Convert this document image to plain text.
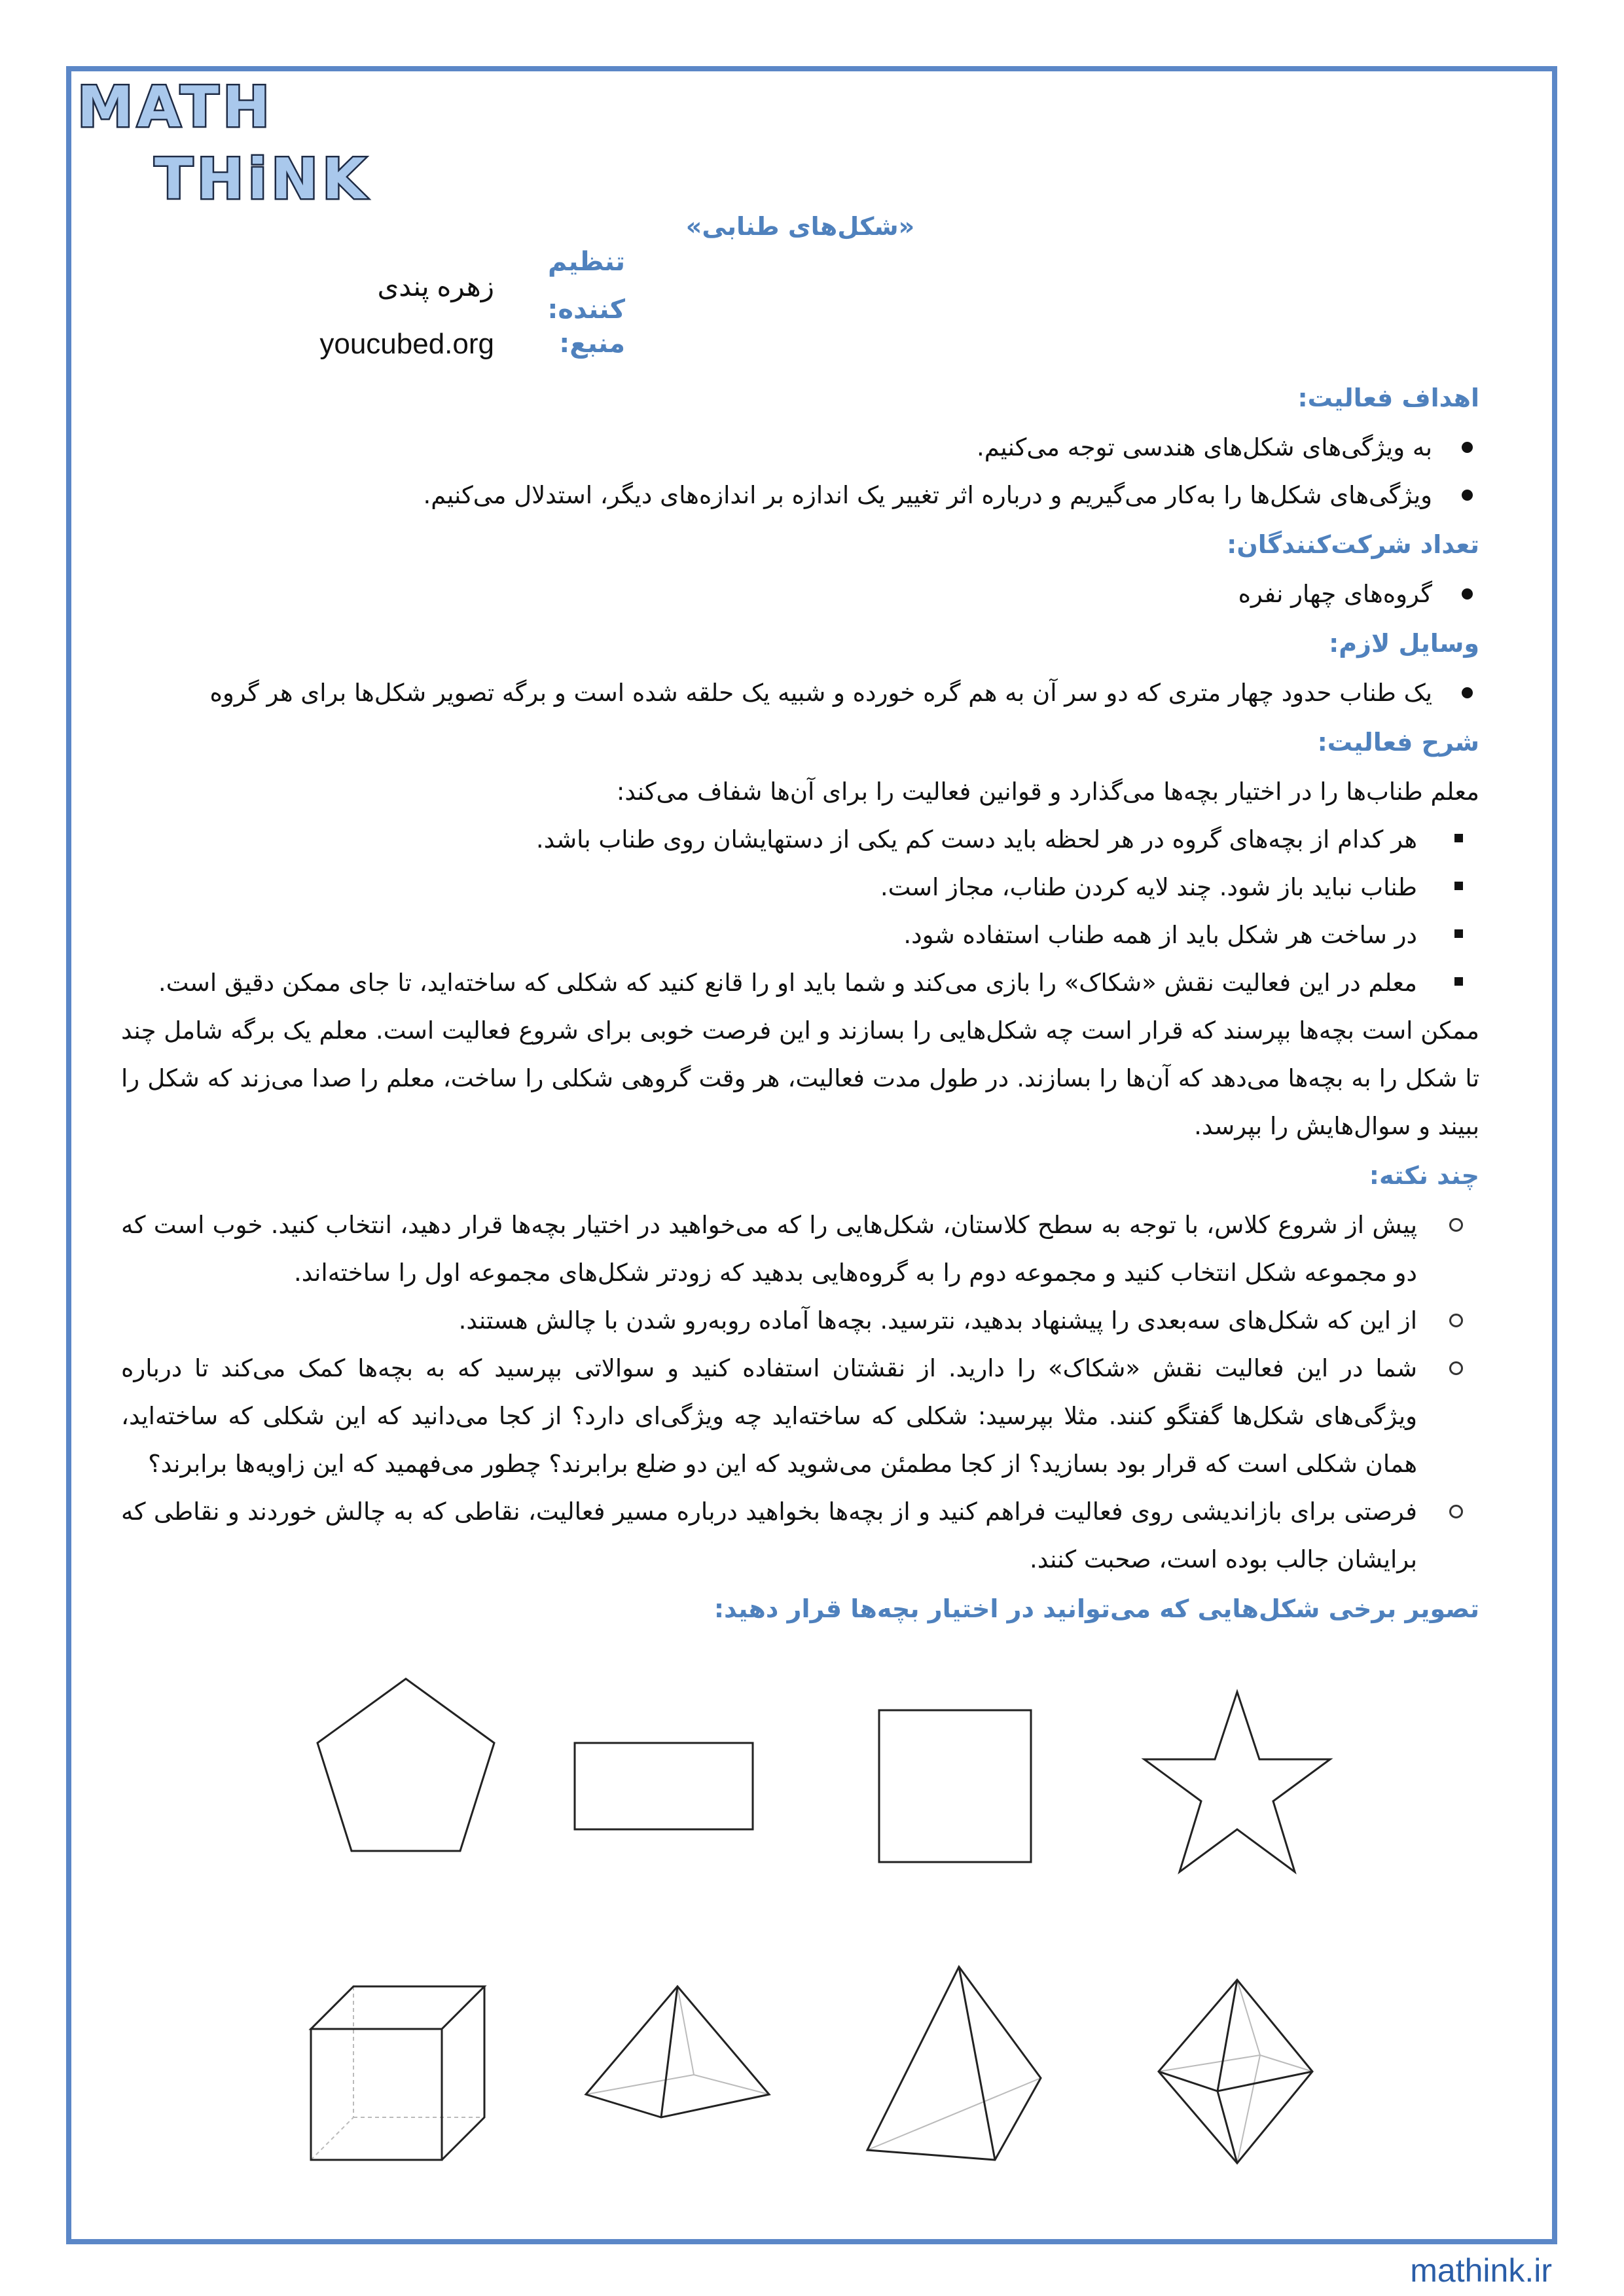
MATH
THiNK
«شکل‌های طنابی»
تنظیم کننده:
زهره پندی
منبع:
youcubed.org
اهداف فعالیت:
به ویژگی‌های شکل‌های هندسی توجه می‌کنیم.
ویژگی‌های شکل‌ها را به‌کار می‌گیریم و درباره اثر تغییر یک اندازه بر اندازه‌های دیگر، استدلال می‌کنیم.
تعداد شرکت‌کنندگان:
گروه‌های چهار نفره
وسایل لازم:
یک طناب حدود چهار متری که دو سر آن به هم گره خورده و شبیه یک حلقه شده است و برگه تصویر شکل‌ها برای هر گروه
شرح فعالیت:

معلم طناب‌ها را در اختیار بچه‌ها می‌گذارد و قوانین فعالیت را برای آن‌ها شفاف می‌کند:

هر کدام از بچه‌های گروه در هر لحظه باید دست کم یکی از دستهایشان روی طناب باشد.
طناب نباید باز شود. چند لایه کردن طناب، مجاز است.
در ساخت هر شکل باید از همه طناب استفاده شود.
معلم در این فعالیت نقش «شکاک» را بازی می‌کند و شما باید او را قانع کنید که شکلی که ساخته‌اید، تا جای ممکن دقیق است.

ممکن است بچه‌ها بپرسند که قرار است چه شکل‌هایی را بسازند و این فرصت خوبی برای شروع فعالیت است. معلم یک برگه شامل چند تا شکل را به بچه‌ها می‌دهد که آن‌ها را بسازند. در طول مدت فعالیت، هر وقت گروهی شکلی را ساخت، معلم را صدا می‌زند که شکل را ببیند و سوال‌هایش را بپرسد.

چند نکته:
پیش از شروع کلاس، با توجه به سطح کلاستان، شکل‌هایی را که می‌خواهید در اختیار بچه‌ها قرار دهید، انتخاب کنید. خوب است که دو مجموعه شکل انتخاب کنید و مجموعه دوم را به گروه‌هایی بدهید که زودتر شکل‌های مجموعه اول را ساخته‌اند.
از این که شکل‌های سه‌بعدی را پیشنهاد بدهید، نترسید. بچه‌ها آماده روبه‌رو شدن با چالش هستند.
شما در این فعالیت نقش «شکاک» را دارید. از نقشتان استفاده کنید و سوالاتی بپرسید که به بچه‌ها کمک می‌کند تا درباره ویژگی‌های شکل‌ها گفتگو کنند. مثلا بپرسید: شکلی که ساخته‌اید چه ویژگی‌ای دارد؟ از کجا می‌دانید که این شکلی که ساخته‌اید، همان شکلی است که قرار بود بسازید؟ از کجا مطمئن می‌شوید که این دو ضلع برابرند؟ چطور می‌فهمید که این زاویه‌ها برابرند؟
فرصتی برای بازاندیشی روی فعالیت فراهم کنید و از بچه‌ها بخواهید درباره مسیر فعالیت، نقاطی که به چالش خوردند و نقاطی که برایشان جالب بوده است، صحبت کنند.
تصویر برخی شکل‌هایی که می‌توانید در اختیار بچه‌ها قرار دهید:
mathink.ir
